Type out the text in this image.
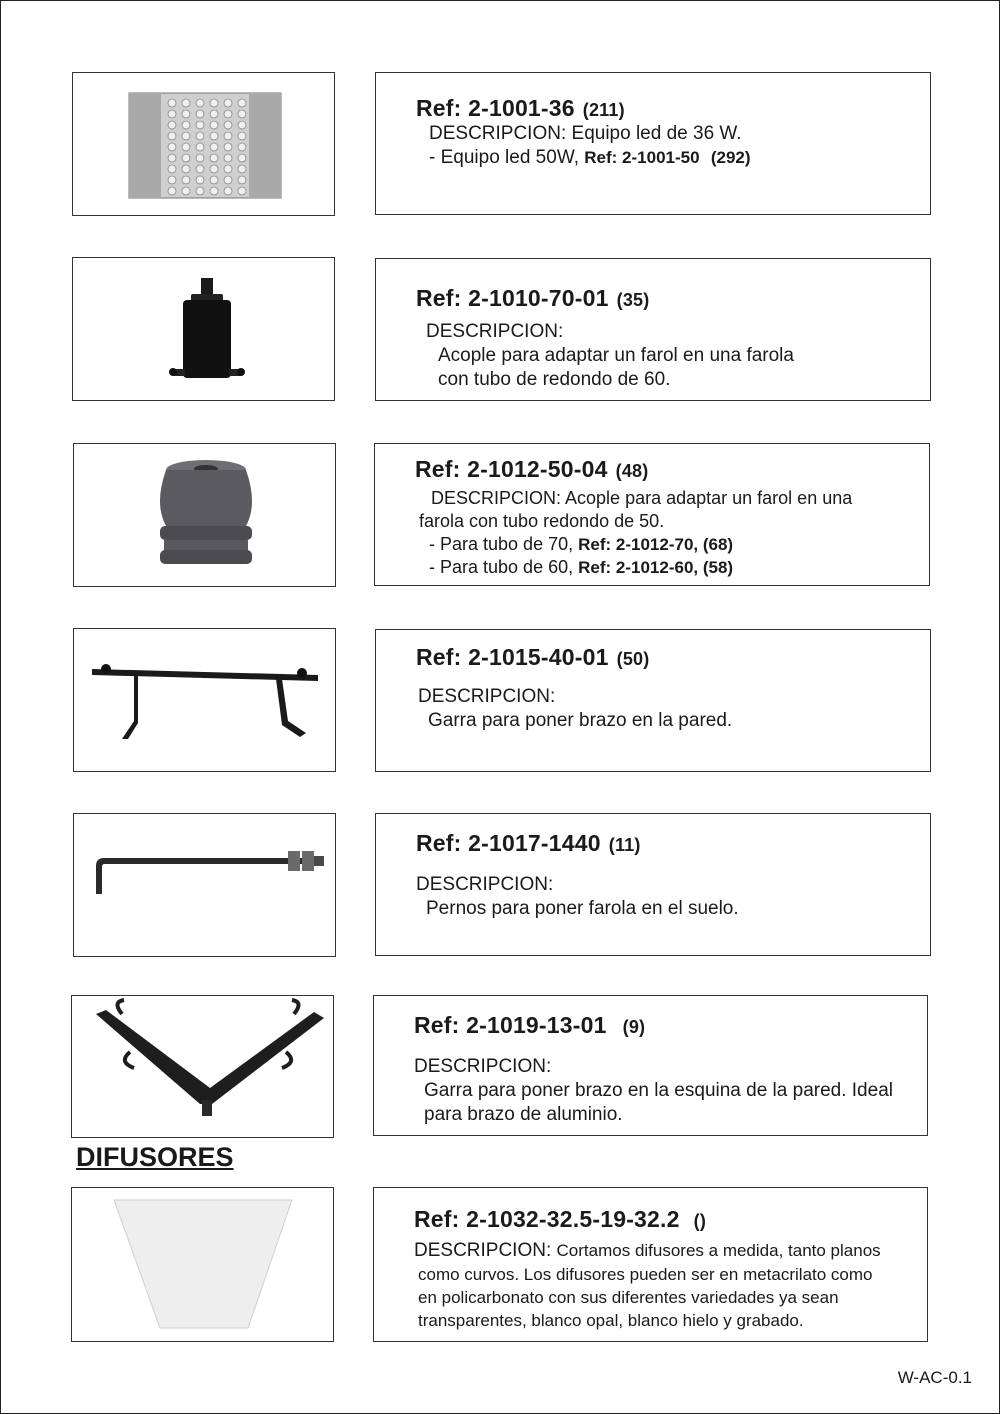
Ref: 2-1001-36 (211)
DESCRIPCION: Equipo led de 36 W.
- Equipo led 50W, Ref: 2-1001-50 (292)
Ref: 2-1010-70-01 (35)
DESCRIPCION:
Acople para adaptar un farol en una farola
con tubo de redondo de 60.
Ref: 2-1012-50-04 (48)
DESCRIPCION: Acople para adaptar un farol en una
farola con tubo redondo de 50.
- Para tubo de 70, Ref: 2-1012-70, (68)
- Para tubo de 60, Ref: 2-1012-60, (58)
Ref: 2-1015-40-01 (50)
DESCRIPCION:
Garra para poner brazo en la pared.
Ref: 2-1017-1440 (11)
DESCRIPCION:
Pernos para poner farola en el suelo.
Ref: 2-1019-13-01 (9)
DESCRIPCION:
Garra para poner brazo en la esquina de la pared. Ideal
para brazo de aluminio.
DIFUSORES
Ref: 2-1032-32.5-19-32.2 ()
DESCRIPCION: Cortamos difusores a medida, tanto planos
como curvos. Los difusores pueden ser en metacrilato como
en policarbonato con sus diferentes variedades ya sean
transparentes, blanco opal, blanco hielo y grabado.
W-AC-0.1
